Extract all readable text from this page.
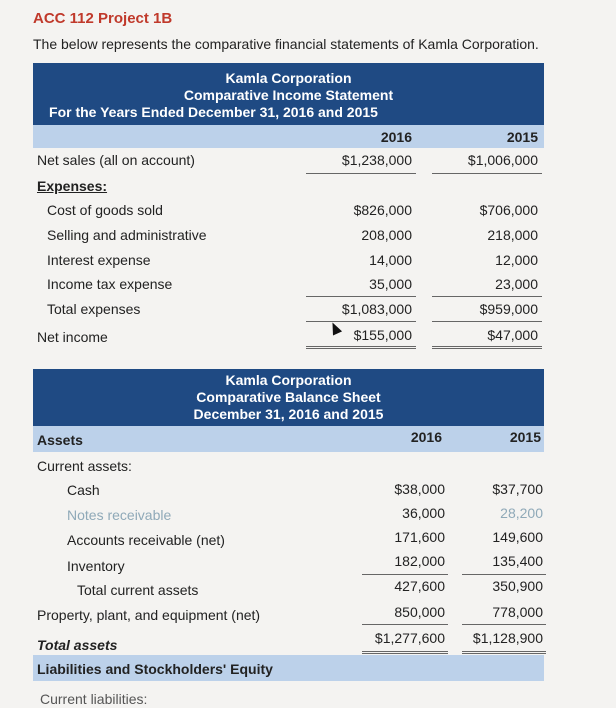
ACC 112 Project 1B
The below represents the comparative financial statements of Kamla Corporation.
Kamla Corporation
Comparative Income Statement
For the Years Ended December 31, 2016 and 2015
2016	2015
Net sales (all on account)	$1,238,000	$1,006,000
Expenses:
Cost of goods sold	$826,000	$706,000
Selling and administrative	208,000	218,000
Interest expense	14,000	12,000
Income tax expense	35,000	23,000
Total expenses	$1,083,000	$959,000
Net income	$155,000	$47,000
Kamla Corporation
Comparative Balance Sheet
December 31, 2016 and 2015
Assets	2016	2015
Current assets:
Cash	$38,000	$37,700
Notes receivable	36,000	28,200
Accounts receivable (net)	171,600	149,600
Inventory	182,000	135,400
Total current assets	427,600	350,900
Property, plant, and equipment (net)	850,000	778,000
Total assets	$1,277,600	$1,128,900
Liabilities and Stockholders' Equity
Current liabilities:
